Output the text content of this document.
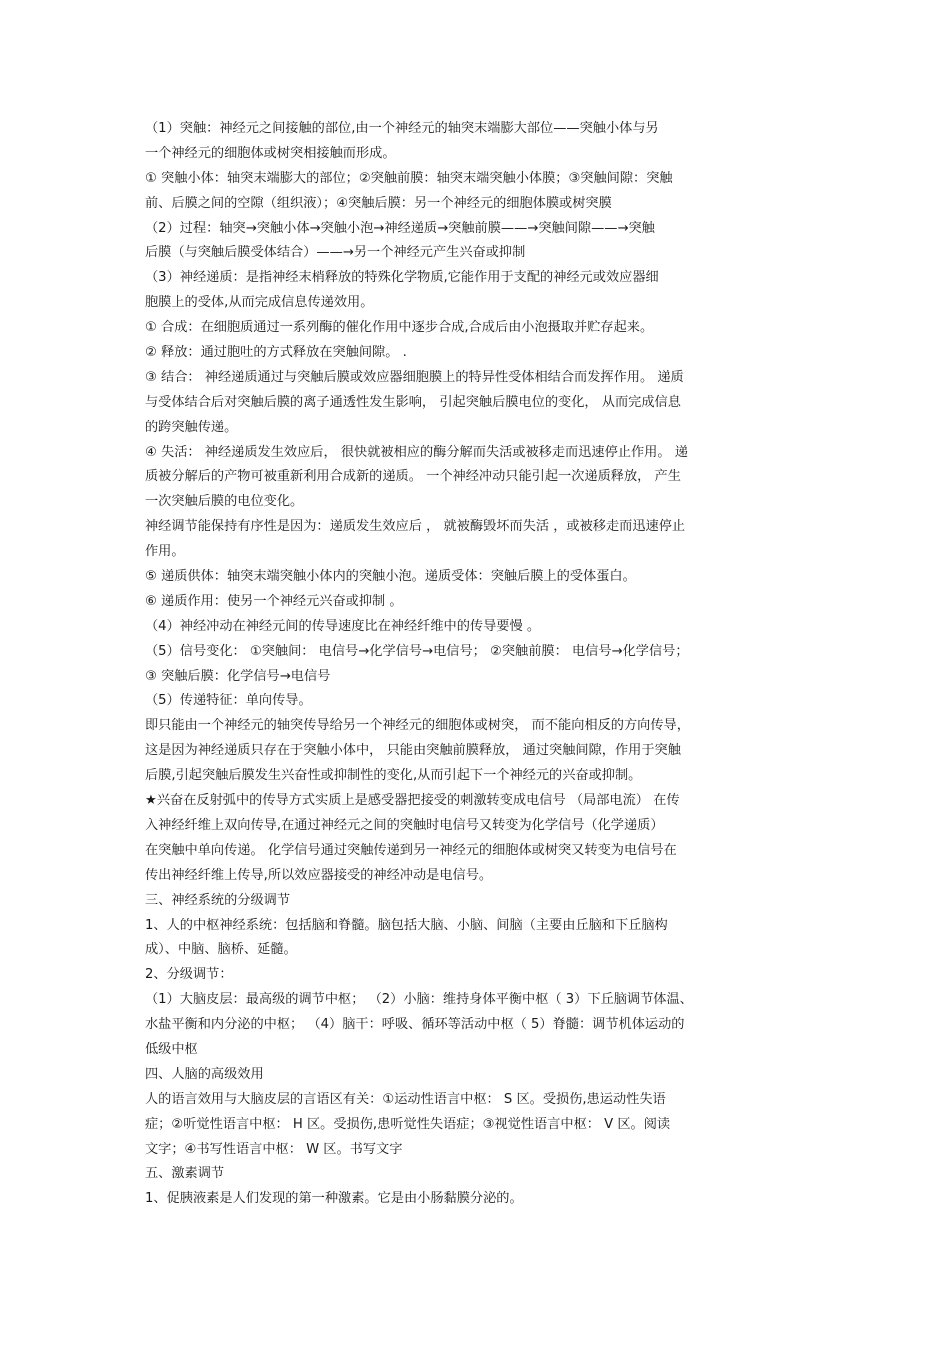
（1）突触：神经元之间接触的部位,由一个神经元的轴突末端膨大部位——突触小体与另
一个神经元的细胞体或树突相接触而形成。
① 突触小体：轴突末端膨大的部位；②突触前膜：轴突末端突触小体膜；③突触间隙：突触
前、后膜之间的空隙（组织液）；④突触后膜：另一个神经元的细胞体膜或树突膜
（2）过程：轴突→突触小体→突触小泡→神经递质→突触前膜——→突触间隙——→突触
后膜（与突触后膜受体结合）——→另一个神经元产生兴奋或抑制
（3）神经递质：是指神经末梢释放的特殊化学物质,它能作用于支配的神经元或效应器细
胞膜上的受体,从而完成信息传递效用。
① 合成：在细胞质通过一系列酶的催化作用中逐步合成,合成后由小泡摄取并贮存起来。
② 释放：通过胞吐的方式释放在突触间隙。 .
③ 结合： 神经递质通过与突触后膜或效应器细胞膜上的特异性受体相结合而发挥作用。 递质
与受体结合后对突触后膜的离子通透性发生影响， 引起突触后膜电位的变化， 从而完成信息
的跨突触传递。
④ 失活： 神经递质发生效应后， 很快就被相应的酶分解而失活或被移走而迅速停止作用。 递
质被分解后的产物可被重新利用合成新的递质。 一个神经冲动只能引起一次递质释放， 产生
一次突触后膜的电位变化。
神经调节能保持有序性是因为：递质发生效应后 ， 就被酶毁坏而失活 ，或被移走而迅速停止
作用。
⑤ 递质供体：轴突末端突触小体内的突触小泡。递质受体：突触后膜上的受体蛋白。
⑥ 递质作用：使另一个神经元兴奋或抑制 。
（4）神经冲动在神经元间的传导速度比在神经纤维中的传导要慢 。
（5）信号变化： ①突触间： 电信号→化学信号→电信号； ②突触前膜： 电信号→化学信号；
③ 突触后膜：化学信号→电信号
（5）传递特征：单向传导。
即只能由一个神经元的轴突传导给另一个神经元的细胞体或树突， 而不能向相反的方向传导，
这是因为神经递质只存在于突触小体中， 只能由突触前膜释放， 通过突触间隙，作用于突触
后膜,引起突触后膜发生兴奋性或抑制性的变化,从而引起下一个神经元的兴奋或抑制。
★兴奋在反射弧中的传导方式实质上是感受器把接受的刺激转变成电信号 （局部电流） 在传
入神经纤维上双向传导,在通过神经元之间的突触时电信号又转变为化学信号（化学递质）
在突触中单向传递。 化学信号通过突触传递到另一神经元的细胞体或树突又转变为电信号在
传出神经纤维上传导,所以效应器接受的神经冲动是电信号。
三、神经系统的分级调节
1、人的中枢神经系统：包括脑和脊髓。脑包括大脑、小脑、间脑（主要由丘脑和下丘脑构
成）、中脑、脑桥、延髓。
2、分级调节：
（1）大脑皮层：最高级的调节中枢； （2）小脑：维持身体平衡中枢（ 3）下丘脑调节体温、
水盐平衡和内分泌的中枢； （4）脑干：呼吸、循环等活动中枢（ 5）脊髓：调节机体运动的
低级中枢
四、人脑的高级效用
人的语言效用与大脑皮层的言语区有关：①运动性语言中枢： S 区。受损伤,患运动性失语
症；②听觉性语言中枢： H 区。受损伤,患听觉性失语症；③视觉性语言中枢： V 区。阅读
文字；④书写性语言中枢： W 区。书写文字
五、激素调节
1、促胰液素是人们发现的第一种激素。它是由小肠黏膜分泌的。
